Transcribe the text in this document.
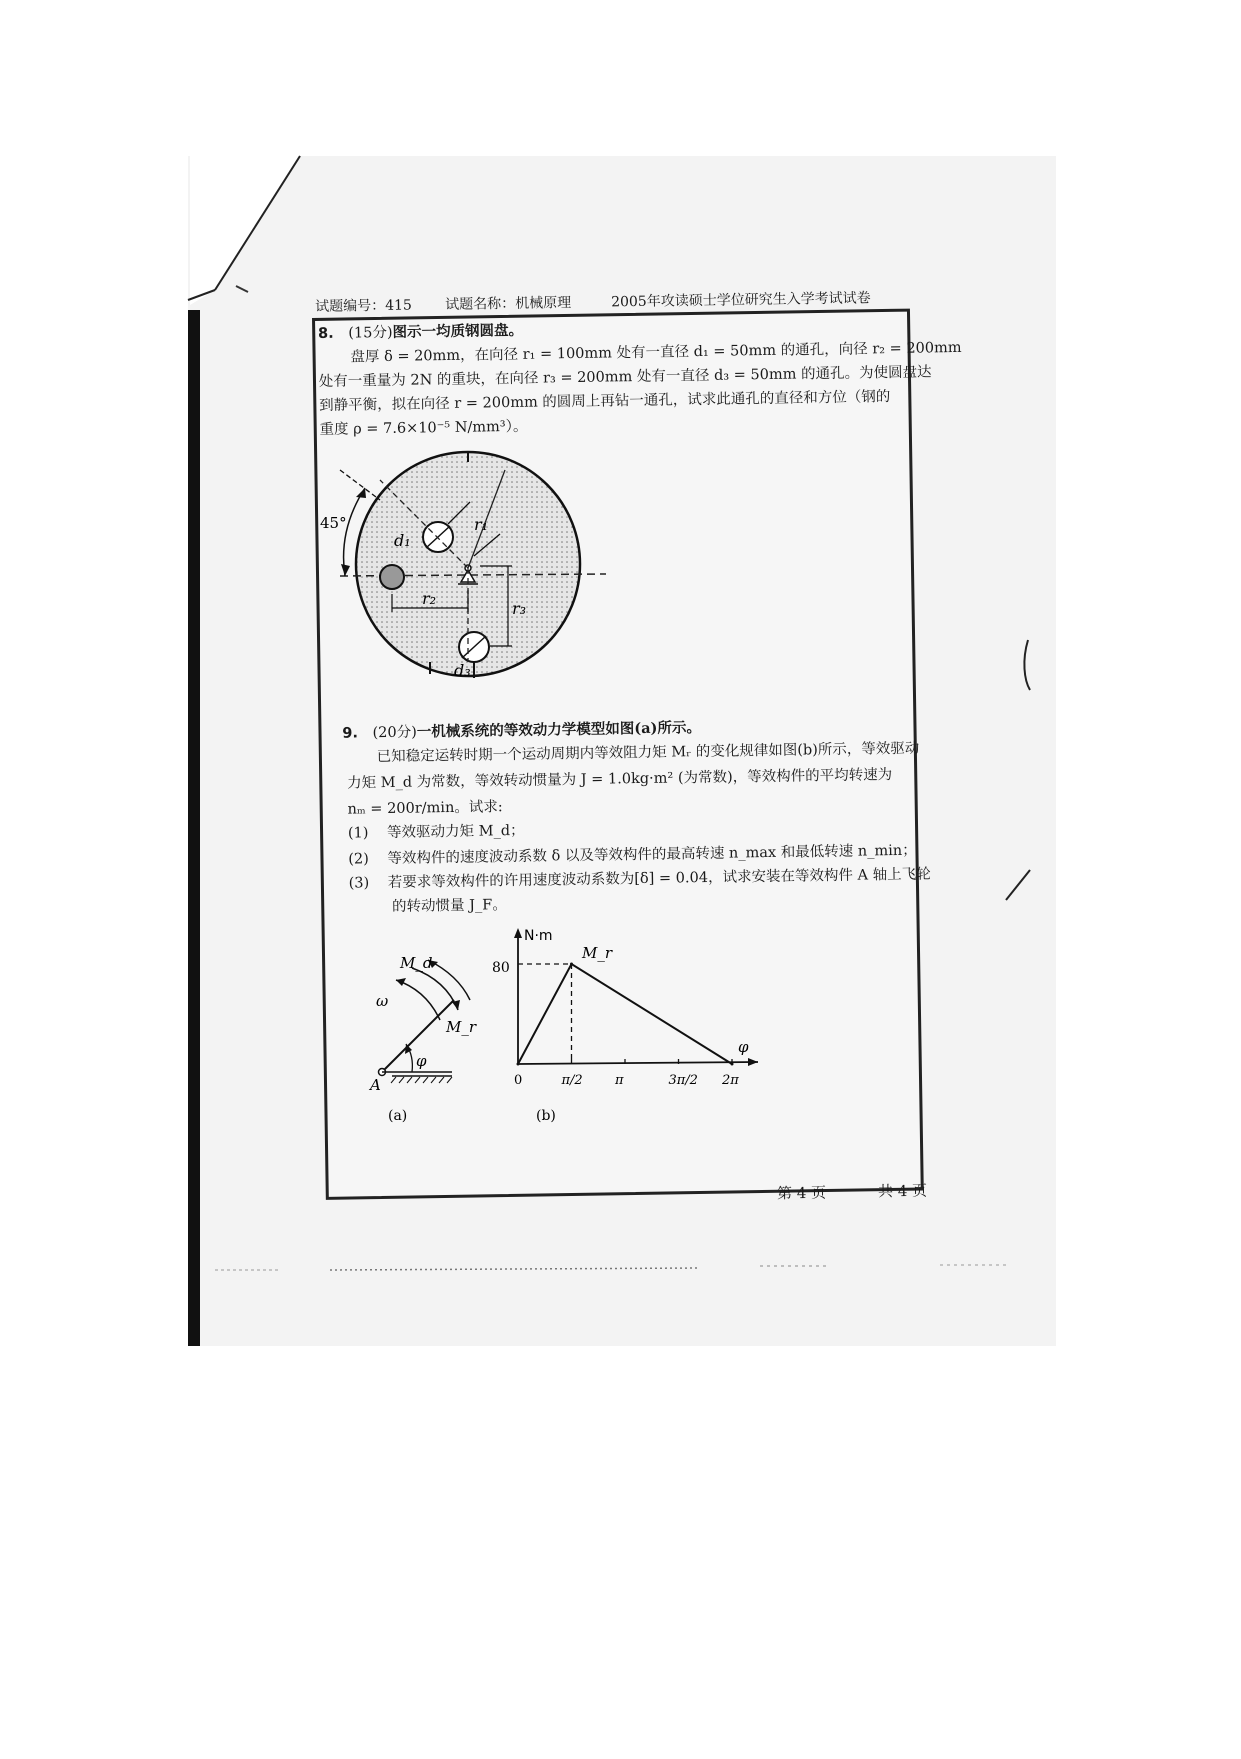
试题编号：415 试题名称：机械原理	2005年攻读硕士学位研究生入学考试试卷
8. (15分)图示一均质钢圆盘。
盘厚 δ = 20mm，在向径 r₁ = 100mm 处有一直径 d₁ = 50mm 的通孔，向径 r₂ = 200mm
处有一重量为 2N 的重块，在向径 r₃ = 200mm 处有一直径 d₃ = 50mm 的通孔。为使圆盘达
到静平衡，拟在向径 r = 200mm 的圆周上再钻一通孔，试求此通孔的直径和方位（钢的
重度 ρ = 7.6×10⁻⁵ N/mm³）。
9. (20分)一机械系统的等效动力学模型如图(a)所示。
已知稳定运转时期一个运动周期内等效阻力矩 Mᵣ 的变化规律如图(b)所示，等效驱动
力矩 M_d 为常数，等效转动惯量为 J = 1.0kg·m² (为常数)，等效构件的平均转速为
nₘ = 200r/min。试求:
(1) 等效驱动力矩 M_d；
(2) 等效构件的速度波动系数 δ 以及等效构件的最高转速 n_max 和最低转速 n_min；
(3) 若要求等效构件的许用速度波动系数为[δ] = 0.04，试求安装在等效构件 A 轴上飞轮
的转动惯量 J_F。
45°
d₁
r₁
r₂
r₃
d₃
M_d
ω
M_r
φ
A
(a)
N·m
80
M_r
φ
(b)
0	π/2 π	3π/2 2π
第 4 页	共 4 页
